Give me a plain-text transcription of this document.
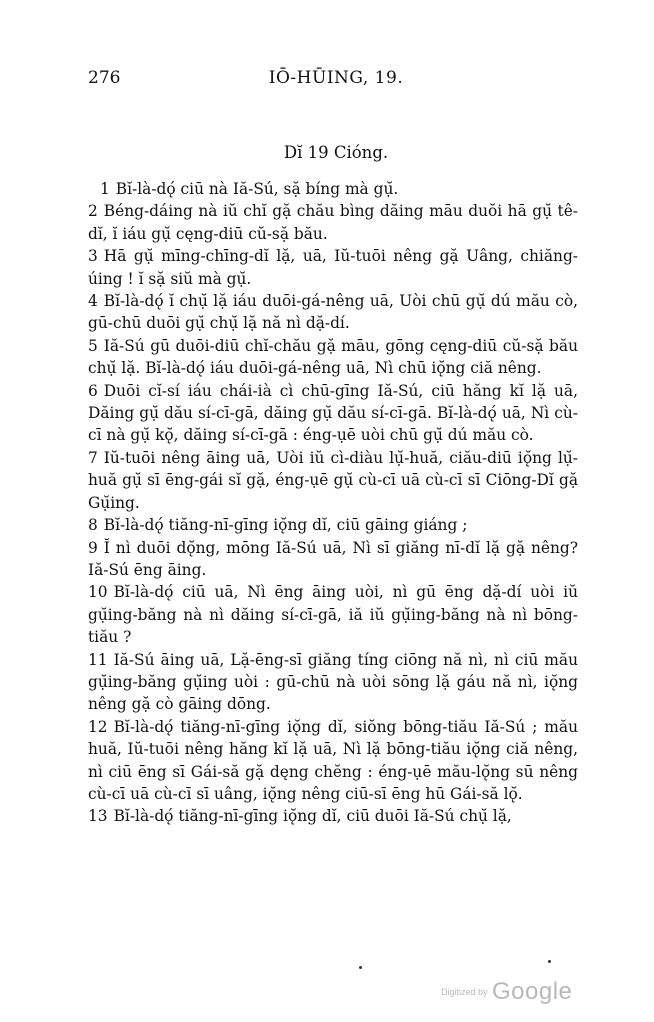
276	IŌ-HŪING, 19.
Dĭ 19 Cióng.

1 Bĭ-là-dǫ́ ciū nà Iă-Sú, sặ bíng mà gụ̆.

2 Béng-dáing nà iŭ chĭ gặ chău bìng dăing māu duŏi hā gụ̆ tê-dĭ, ĭ iáu gụ̆ cęng-diū cŭ-sặ bău.

3 Hā gụ̆ mīng-chīng-dĭ lặ, uā, Iŭ-tuōi nêng gặ Uâng, chiăng-úing ! ĭ sặ siŭ mà gụ̆.

4 Bĭ-là-dǫ́ ĭ chụ̆ lặ iáu duōi-gá-nêng uā, Uòi chū gụ̆ dú mău cò, gū-chū duōi gụ̆ chụ̆ lặ nă nì dặ-dí.

5 Iă-Sú gū duōi-diū chĭ-chău gặ māu, gōng cęng-diū cŭ-sặ bău chụ̆ lặ. Bĭ-là-dǫ́ iáu duōi-gá-nêng uā, Nì chū iǫ̆ng ciă nêng.

6 Duōi cĭ-sí iáu chái-ià cì chū-gīng Iă-Sú, ciū hăng kĭ lặ uā, Dăing gụ̆ dău sí-cī-gā, dăing gụ̆ dău sí-cī-gā. Bĭ-là-dǫ́ uā, Nì cù-cī nà gụ̆ kǫ̆, dăing sí-cī-gā : éng-ụē uòi chū gụ̆ dú mău cò.

7 Iŭ-tuōi nêng āing uā, Uòi iŭ cì-diàu lụ̆-huă, ciău-diū iǫ̆ng lụ̆-huă gụ̆ sī ēng-gái sĭ gặ, éng-ụē gụ̆ cù-cī uā cù-cī sī Ciōng-Dĭ gặ Gụ̆ing.

8 Bĭ-là-dǫ́ tiăng-nī-gīng iǫ̆ng dĭ, ciū gāing giáng ;

9 Ĭ nì duōi dǫ̆ng, mōng Iă-Sú uā, Nì sī giăng nī-dĭ lặ gặ nêng? Iă-Sú ēng āing.

10 Bĭ-là-dǫ́ ciū uā, Nì ēng āing uòi, nì gū ēng dặ-dí uòi iŭ gụ̆ing-băng nà nì dăing sí-cī-gā, iă iŭ gụ̆ing-băng nà nì bōng-tiău ?

11 Iă-Sú āing uā, Lặ-ēng-sī giăng tíng ciōng nă nì, nì ciū mău gụ̆ing-băng gụ̆ing uòi : gū-chū nà uòi sōng lặ gáu nă nì, iǫ̆ng nêng gặ cò gāing dōng.

12 Bĭ-là-dǫ́ tiăng-nī-gīng iǫ̆ng dĭ, siŏng bōng-tiău Iă-Sú ; mău huă, Iŭ-tuōi nêng hăng kĭ lặ uā, Nì lặ bōng-tiău iǫ̆ng ciă nêng, nì ciū ēng sī Gái-să gặ dęng chĕng : éng-ụē mău-lǫ̆ng sū nêng cù-cī uā cù-cī sī uâng, iǫ̆ng nêng ciū-sī ēng hū Gái-să lǫ̆.

13 Bĭ-là-dǫ́ tiăng-nī-gīng iǫ̆ng dĭ, ciū duōi Iă-Sú chụ̆ lặ,

Digitized by Google
